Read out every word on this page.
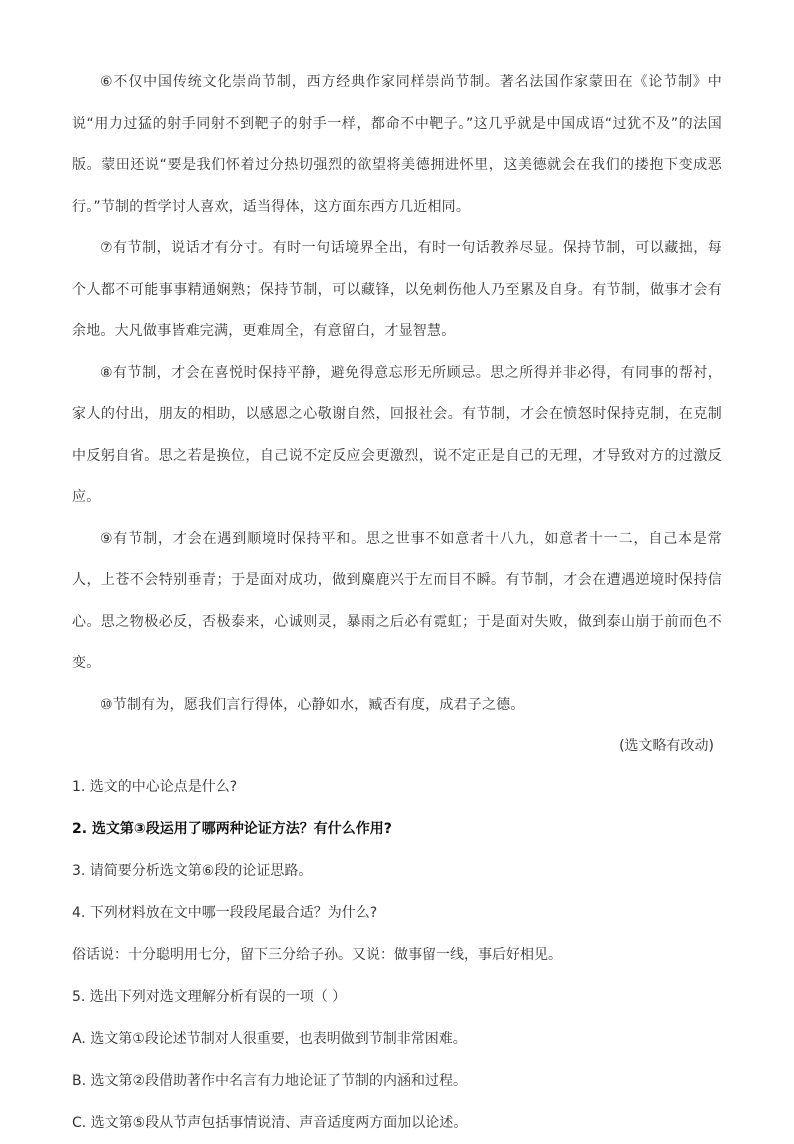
⑥不仅中国传统文化崇尚节制，西方经典作家同样崇尚节制。著名法国作家蒙田在《论节制》中说“用力过猛的射手同射不到靶子的射手一样，都命不中靶子。”这几乎就是中国成语“过犹不及”的法国版。蒙田还说“要是我们怀着过分热切强烈的欲望将美德拥进怀里，这美德就会在我们的搂抱下变成恶行。”节制的哲学讨人喜欢，适当得体，这方面东西方几近相同。

⑦有节制，说话才有分寸。有时一句话境界全出，有时一句话教养尽显。保持节制，可以藏拙，每个人都不可能事事精通娴熟；保持节制，可以藏锋，以免刺伤他人乃至累及自身。有节制，做事才会有余地。大凡做事皆难完满，更难周全，有意留白，才显智慧。

⑧有节制，才会在喜悦时保持平静，避免得意忘形无所顾忌。思之所得并非必得，有同事的帮衬，家人的付出，朋友的相助，以感恩之心敬谢自然，回报社会。有节制，才会在愤怒时保持克制，在克制中反躬自省。思之若是换位，自己说不定反应会更激烈，说不定正是自己的无理，才导致对方的过激反应。

⑨有节制，才会在遇到顺境时保持平和。思之世事不如意者十八九，如意者十一二，自己本是常人，上苍不会特别垂青；于是面对成功，做到麋鹿兴于左而目不瞬。有节制，才会在遭遇逆境时保持信心。思之物极必反，否极泰来，心诚则灵，暴雨之后必有霓虹；于是面对失败，做到泰山崩于前而色不变。

⑩节制有为，愿我们言行得体，心静如水，臧否有度，成君子之德。

(选文略有改动)

1. 选文的中心论点是什么?

2. 选文第③段运用了哪两种论证方法？有什么作用?

3. 请简要分析选文第⑥段的论证思路。

4. 下列材料放在文中哪一段段尾最合适？为什么?

俗话说：十分聪明用七分，留下三分给子孙。又说：做事留一线，事后好相见。

5. 选出下列对选文理解分析有误的一项（ ）

A. 选文第①段论述节制对人很重要，也表明做到节制非常困难。

B. 选文第②段借助著作中名言有力地论证了节制的内涵和过程。

C. 选文第⑤段从节声包括事情说清、声音适度两方面加以论述。
